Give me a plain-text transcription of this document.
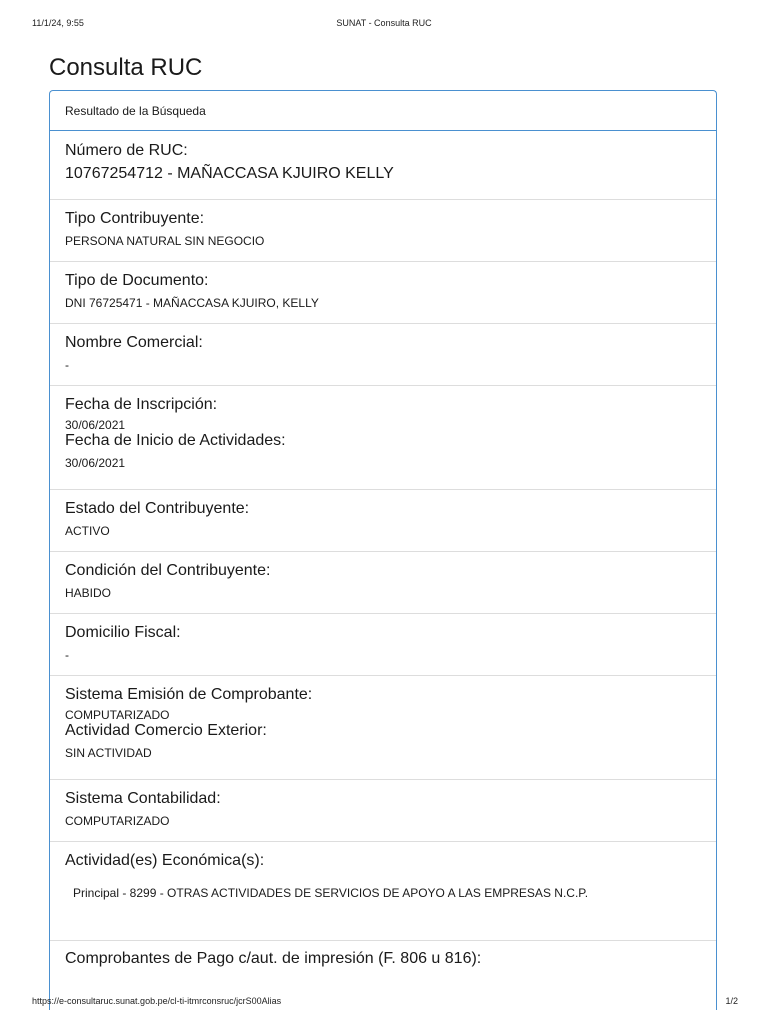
11/1/24, 9:55	SUNAT - Consulta RUC
Consulta RUC
Resultado de la Búsqueda
Número de RUC:
10767254712 - MAÑACCASA KJUIRO KELLY
Tipo Contribuyente:
PERSONA NATURAL SIN NEGOCIO
Tipo de Documento:
DNI 76725471 - MAÑACCASA KJUIRO, KELLY
Nombre Comercial:
-
Fecha de Inscripción:
30/06/2021
Fecha de Inicio de Actividades:
30/06/2021
Estado del Contribuyente:
ACTIVO
Condición del Contribuyente:
HABIDO
Domicilio Fiscal:
-
Sistema Emisión de Comprobante:
COMPUTARIZADO
Actividad Comercio Exterior:
SIN ACTIVIDAD
Sistema Contabilidad:
COMPUTARIZADO
Actividad(es) Económica(s):
Principal - 8299 - OTRAS ACTIVIDADES DE SERVICIOS DE APOYO A LAS EMPRESAS N.C.P.
Comprobantes de Pago c/aut. de impresión (F. 806 u 816):
https://e-consultaruc.sunat.gob.pe/cl-ti-itmrconsruc/jcrS00Alias	1/2
